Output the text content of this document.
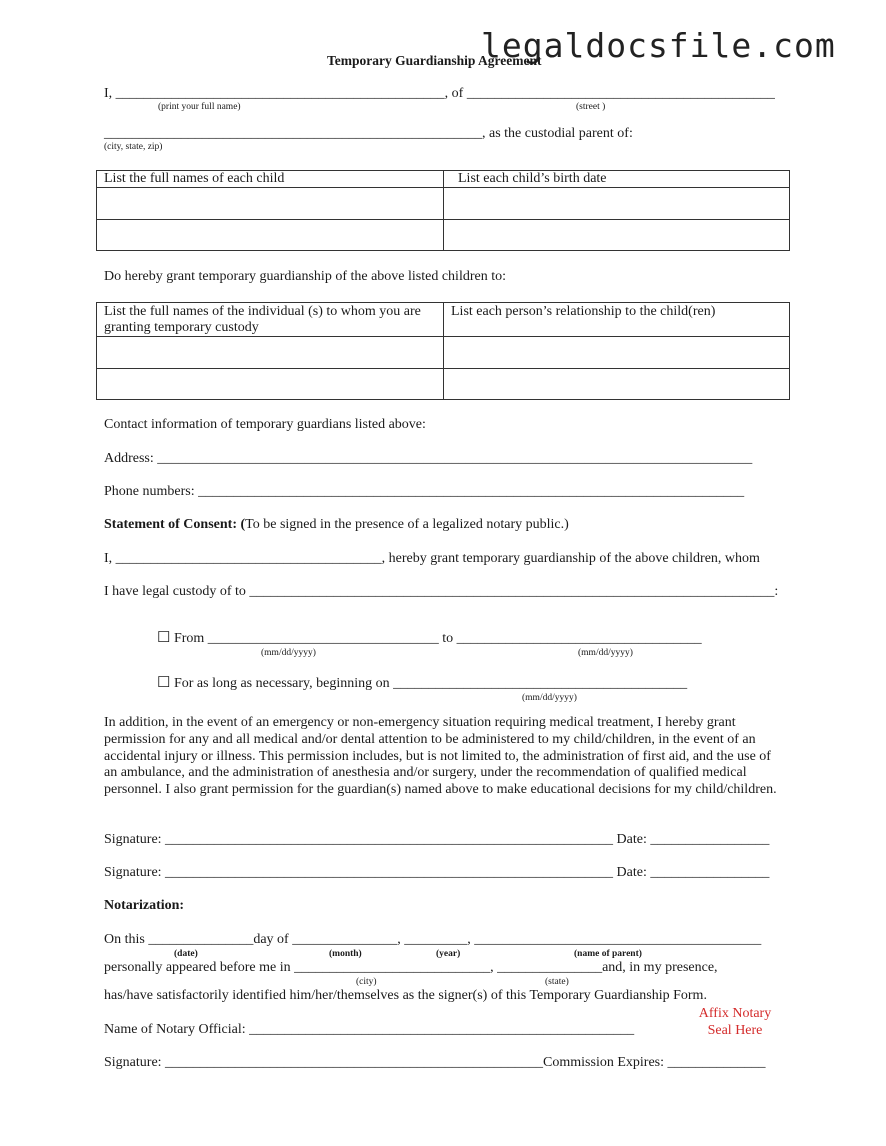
legaldocsfile.com
Temporary Guardianship Agreement
I, _______________________________________________, of ____________________________________________
(print your full name)	(street )
______________________________________________________, as the custodial parent of:
(city, state, zip)
List the full names of each child	List each child’s birth date

Do hereby grant temporary guardianship of the above listed children to:
List the full names of the individual (s) to whom you are granting temporary custody	List each person’s relationship to the child(ren)

Contact information of temporary guardians listed above:
Address: _____________________________________________________________________________________
Phone numbers: ______________________________________________________________________________
Statement of Consent: (To be signed in the presence of a legalized notary public.)
I, ______________________________________, hereby grant temporary guardianship of the above children, whom
I have legal custody of to ___________________________________________________________________________:
☐ From _________________________________ to ___________________________________
(mm/dd/yyyy)	(mm/dd/yyyy)
☐ For as long as necessary, beginning on __________________________________________
(mm/dd/yyyy)
In addition, in the event of an emergency or non-emergency situation requiring medical treatment, I hereby grant permission for any and all medical and/or dental attention to be administered to my child/children, in the event of an accidental injury or illness. This permission includes, but is not limited to, the administration of first aid, and the use of an ambulance, and the administration of anesthesia and/or surgery, under the recommendation of qualified medical personnel. I also grant permission for the guardian(s) named above to make educational decisions for my child/children.
Signature: ________________________________________________________________ Date: _________________
Signature: ________________________________________________________________ Date: _________________
Notarization:
On this _______________day of _______________, _________, _________________________________________
(date)	(month)	(year)	(name of parent)
personally appeared before me in ____________________________, _______________and, in my presence,
(city)	(state)
has/have satisfactorily identified him/her/themselves as the signer(s) of this Temporary Guardianship Form.
Name of Notary Official: _______________________________________________________
Affix Notary
Seal Here
Signature: ______________________________________________________Commission Expires: ______________
